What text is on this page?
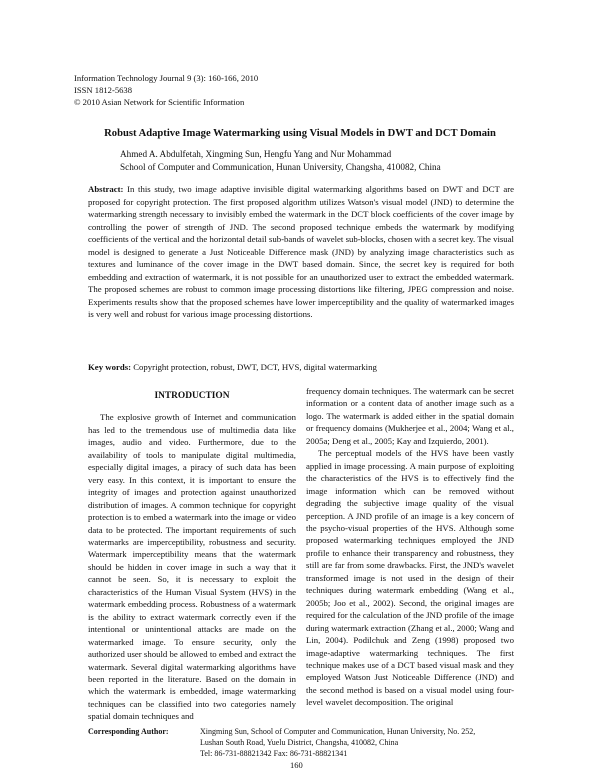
Information Technology Journal 9 (3): 160-166, 2010
ISSN 1812-5638
© 2010 Asian Network for Scientific Information
Robust Adaptive Image Watermarking using Visual Models in DWT and DCT Domain
Ahmed A. Abdulfetah, Xingming Sun, Hengfu Yang and Nur Mohammad
School of Computer and Communication, Hunan University, Changsha, 410082, China
Abstract: In this study, two image adaptive invisible digital watermarking algorithms based on DWT and DCT are proposed for copyright protection. The first proposed algorithm utilizes Watson's visual model (JND) to determine the watermarking strength necessary to invisibly embed the watermark in the DCT block coefficients of the cover image by controlling the power of strength of JND. The second proposed technique embeds the watermark by modifying coefficients of the vertical and the horizontal detail sub-bands of wavelet sub-blocks, chosen with a secret key. The visual model is designed to generate a Just Noticeable Difference mask (JND) by analyzing image characteristics such as textures and luminance of the cover image in the DWT based domain. Since, the secret key is required for both embedding and extraction of watermark, it is not possible for an unauthorized user to extract the embedded watermark. The proposed schemes are robust to common image processing distortions like filtering, JPEG compression and noise. Experiments results show that the proposed schemes have lower imperceptibility and the quality of watermarked images is very well and robust for various image processing distortions.
Key words: Copyright protection, robust, DWT, DCT, HVS, digital watermarking

INTRODUCTION

The explosive growth of Internet and communication has led to the tremendous use of multimedia data like images, audio and video. Furthermore, due to the availability of tools to manipulate digital multimedia, especially digital images, a piracy of such data has been very easy. In this context, it is important to ensure the integrity of images and protection against unauthorized distribution of images. A common technique for copyright protection is to embed a watermark into the image or video data to be protected. The important requirements of such watermarks are imperceptibility, robustness and security. Watermark imperceptibility means that the watermark should be hidden in cover image in such a way that it cannot be seen. So, it is necessary to exploit the characteristics of the Human Visual System (HVS) in the watermark embedding process. Robustness of a watermark is the ability to extract watermark correctly even if the intentional or unintentional attacks are made on the watermarked image. To ensure security, only the authorized user should be allowed to embed and extract the watermark. Several digital watermarking algorithms have been reported in the literature. Based on the domain in which the watermark is embedded, image watermarking techniques can be classified into two categories namely spatial domain techniques and

frequency domain techniques. The watermark can be secret information or a content data of another image such as a logo. The watermark is added either in the spatial domain or frequency domains (Mukherjee et al., 2004; Wang et al., 2005a; Deng et al., 2005; Kay and Izquierdo, 2001).

The perceptual models of the HVS have been vastly applied in image processing. A main purpose of exploiting the characteristics of the HVS is to effectively find the image information which can be removed without degrading the subjective image quality of the visual perception. A JND profile of an image is a key concern of the psycho-visual properties of the HVS. Although some proposed watermarking techniques employed the JND profile to enhance their transparency and robustness, they still are far from some drawbacks. First, the JND's wavelet transformed image is not used in the design of their techniques during watermark embedding (Wang et al., 2005b; Joo et al., 2002). Second, the original images are required for the calculation of the JND profile of the image during watermark extraction (Zhang et al., 2000; Wang and Lin, 2004). Podilchuk and Zeng (1998) proposed two image-adaptive watermarking techniques. The first technique makes use of a DCT based visual mask and they employed Watson Just Noticeable Difference (JND) and the second method is based on a visual model using four-level wavelet decomposition. The original

Corresponding Author:	Xingming Sun, School of Computer and Communication, Hunan University, No. 252,
Lushan South Road, Yuelu District, Changsha, 410082, China
Tel: 86-731-88821342 Fax: 86-731-88821341
160
